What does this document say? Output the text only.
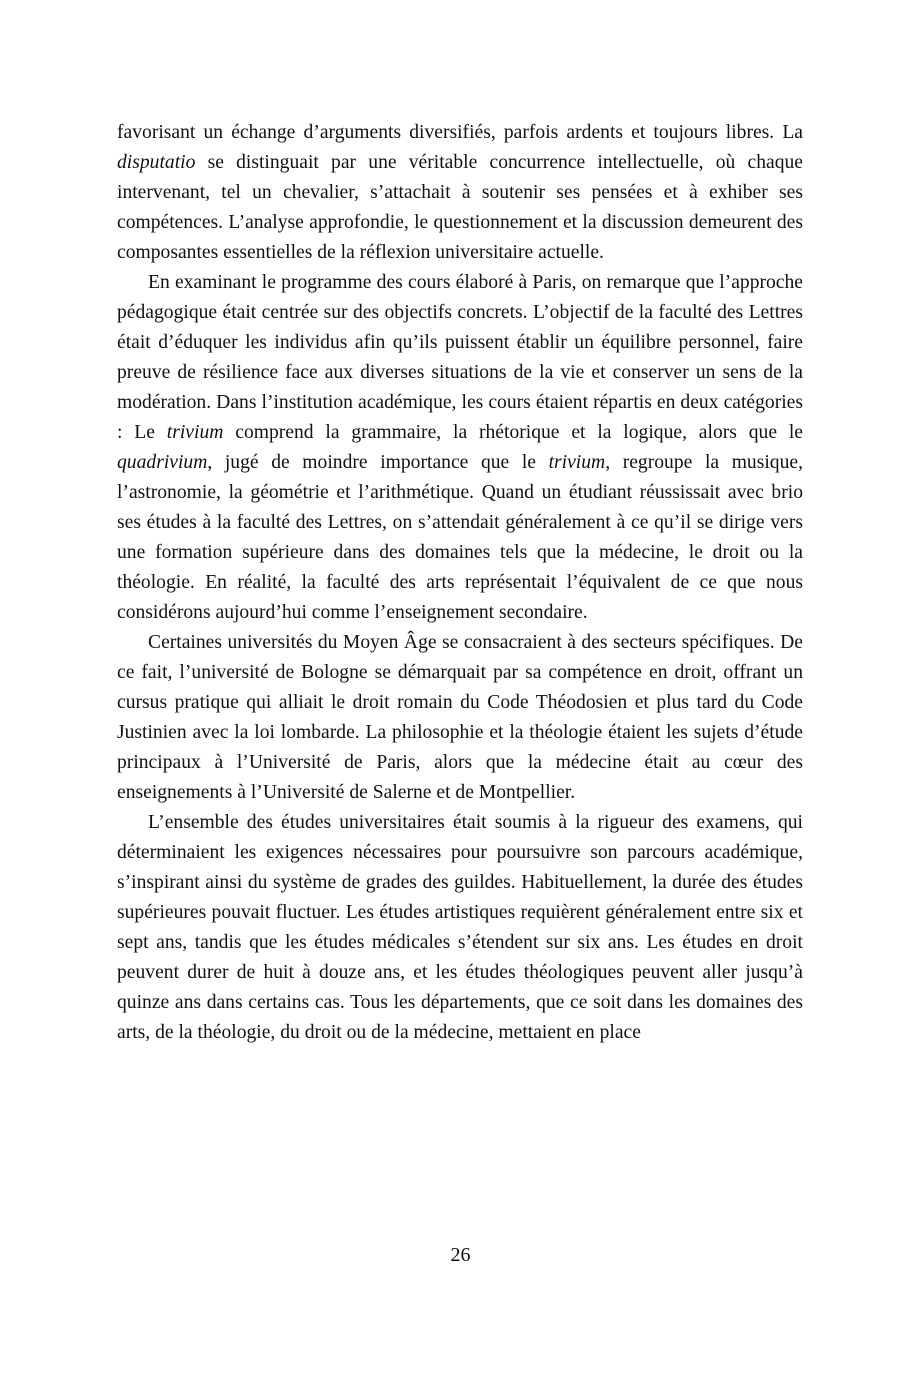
favorisant un échange d’arguments diversifiés, parfois ardents et toujours libres. La disputatio se distinguait par une véritable concurrence intellectuelle, où chaque intervenant, tel un chevalier, s’attachait à soutenir ses pensées et à exhiber ses compétences. L’analyse approfondie, le questionnement et la discussion demeurent des composantes essentielles de la réflexion universitaire actuelle.

En examinant le programme des cours élaboré à Paris, on remarque que l’approche pédagogique était centrée sur des objectifs concrets. L’objectif de la faculté des Lettres était d’éduquer les individus afin qu’ils puissent établir un équilibre personnel, faire preuve de résilience face aux diverses situations de la vie et conserver un sens de la modération. Dans l’institution académique, les cours étaient répartis en deux catégories : Le trivium comprend la grammaire, la rhétorique et la logique, alors que le quadrivium, jugé de moindre importance que le trivium, regroupe la musique, l’astronomie, la géométrie et l’arithmétique. Quand un étudiant réussissait avec brio ses études à la faculté des Lettres, on s’attendait généralement à ce qu’il se dirige vers une formation supérieure dans des domaines tels que la médecine, le droit ou la théologie. En réalité, la faculté des arts représentait l’équivalent de ce que nous considérons aujourd’hui comme l’enseignement secondaire.

Certaines universités du Moyen Âge se consacraient à des secteurs spécifiques. De ce fait, l’université de Bologne se démarquait par sa compétence en droit, offrant un cursus pratique qui alliait le droit romain du Code Théodosien et plus tard du Code Justinien avec la loi lombarde. La philosophie et la théologie étaient les sujets d’étude principaux à l’Université de Paris, alors que la médecine était au cœur des enseignements à l’Université de Salerne et de Montpellier.

L’ensemble des études universitaires était soumis à la rigueur des examens, qui déterminaient les exigences nécessaires pour poursuivre son parcours académique, s’inspirant ainsi du système de grades des guildes. Habituellement, la durée des études supérieures pouvait fluctuer. Les études artistiques requièrent généralement entre six et sept ans, tandis que les études médicales s’étendent sur six ans. Les études en droit peuvent durer de huit à douze ans, et les études théologiques peuvent aller jusqu’à quinze ans dans certains cas. Tous les départements, que ce soit dans les domaines des arts, de la théologie, du droit ou de la médecine, mettaient en place

26
